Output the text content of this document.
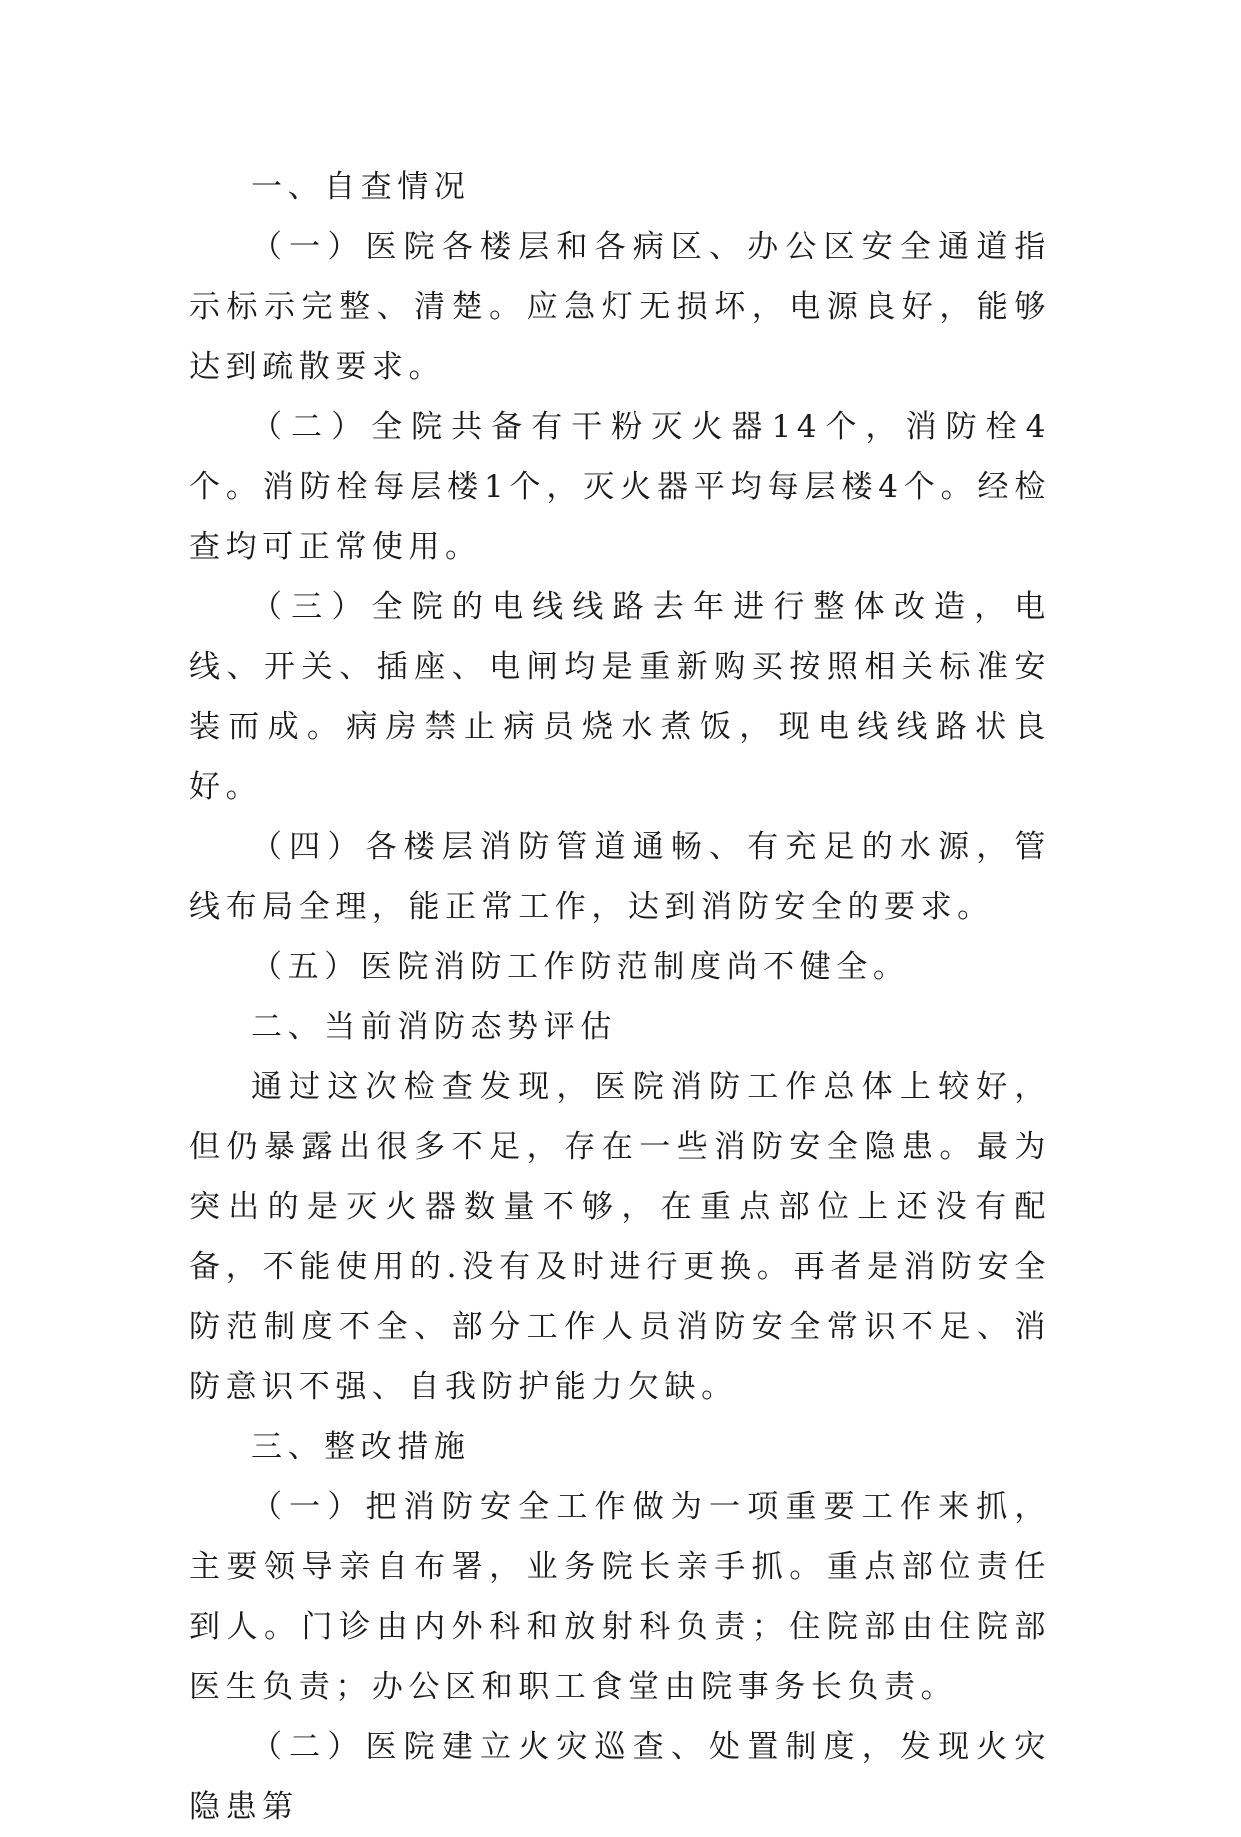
一、自查情况

（一）医院各楼层和各病区、办公区安全通道指示标示完整、清楚。应急灯无损坏，电源良好，能够达到疏散要求。

（二）全院共备有干粉灭火器14个，消防栓4个。消防栓每层楼1个，灭火器平均每层楼4个。经检查均可正常使用。

（三）全院的电线线路去年进行整体改造，电线、开关、插座、电闸均是重新购买按照相关标准安装而成。病房禁止病员烧水煮饭，现电线线路状良好。

（四）各楼层消防管道通畅、有充足的水源，管线布局全理，能正常工作，达到消防安全的要求。

（五）医院消防工作防范制度尚不健全。

二、当前消防态势评估

通过这次检查发现，医院消防工作总体上较好，但仍暴露出很多不足，存在一些消防安全隐患。最为突出的是灭火器数量不够，在重点部位上还没有配备，不能使用的.没有及时进行更换。再者是消防安全防范制度不全、部分工作人员消防安全常识不足、消防意识不强、自我防护能力欠缺。

三、整改措施

（一）把消防安全工作做为一项重要工作来抓，主要领导亲自布署，业务院长亲手抓。重点部位责任到人。门诊由内外科和放射科负责；住院部由住院部医生负责；办公区和职工食堂由院事务长负责。

（二）医院建立火灾巡查、处置制度，发现火灾隐患第
